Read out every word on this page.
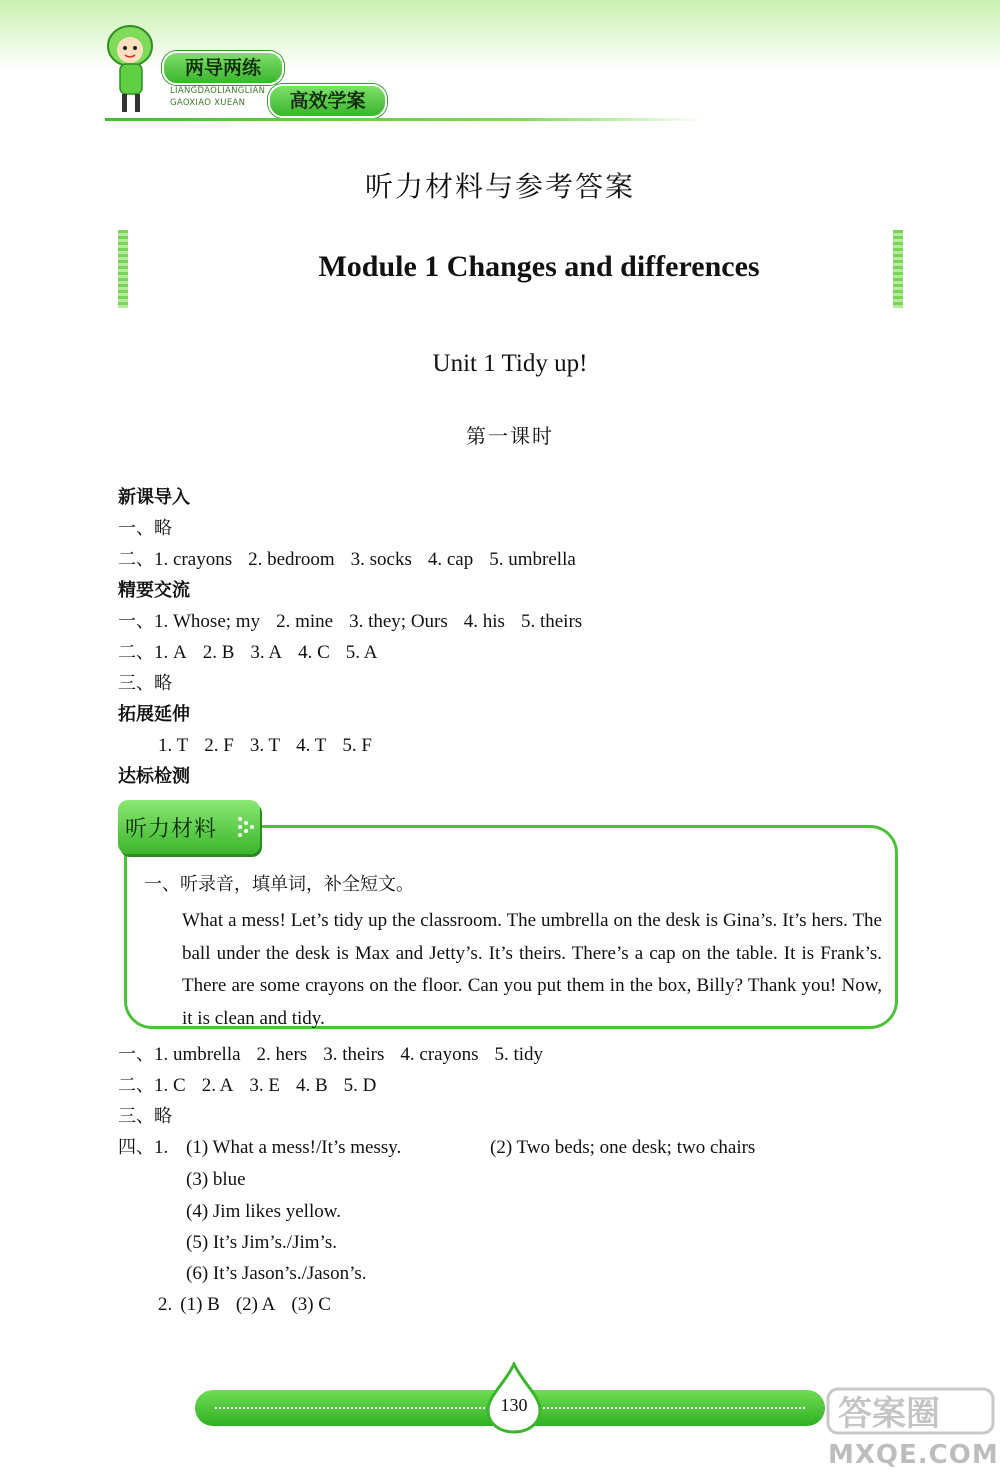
两导两练
LIANGDAOLIANGLIAN
GAOXIAO XUEAN	高效学案
听力材料与参考答案
Module 1 Changes and differences
Unit 1 Tidy up!
第一课时
新课导入
一、略
二、1. crayons 2. bedroom 3. socks 4. cap 5. umbrella
精要交流
一、1. Whose; my 2. mine 3. they; Ours 4. his 5. theirs
二、1. A 2. B 3. A 4. C 5. A
三、略
拓展延伸
1. T 2. F 3. T 4. T 5. F
达标检测
听力材料
一、听录音，填单词，补全短文。
What a mess! Let’s tidy up the classroom. The umbrella on the desk is Gina’s. It’s hers. The ball under the desk is Max and Jetty’s. It’s theirs. There’s a cap on the table. It is Frank’s. There are some crayons on the floor. Can you put them in the box, Billy? Thank you! Now, it is clean and tidy.
一、1. umbrella 2. hers 3. theirs 4. crayons 5. tidy
二、1. C 2. A 3. E 4. B 5. D
三、略
四、1. (1) What a mess!/It’s messy.	(2) Two beds; one desk; two chairs
(3) blue
(4) Jim likes yellow.
(5) It’s Jim’s./Jim’s.
(6) It’s Jason’s./Jason’s.
2. (1) B (2) A (3) C
130	答案圈
MXQE.COM
